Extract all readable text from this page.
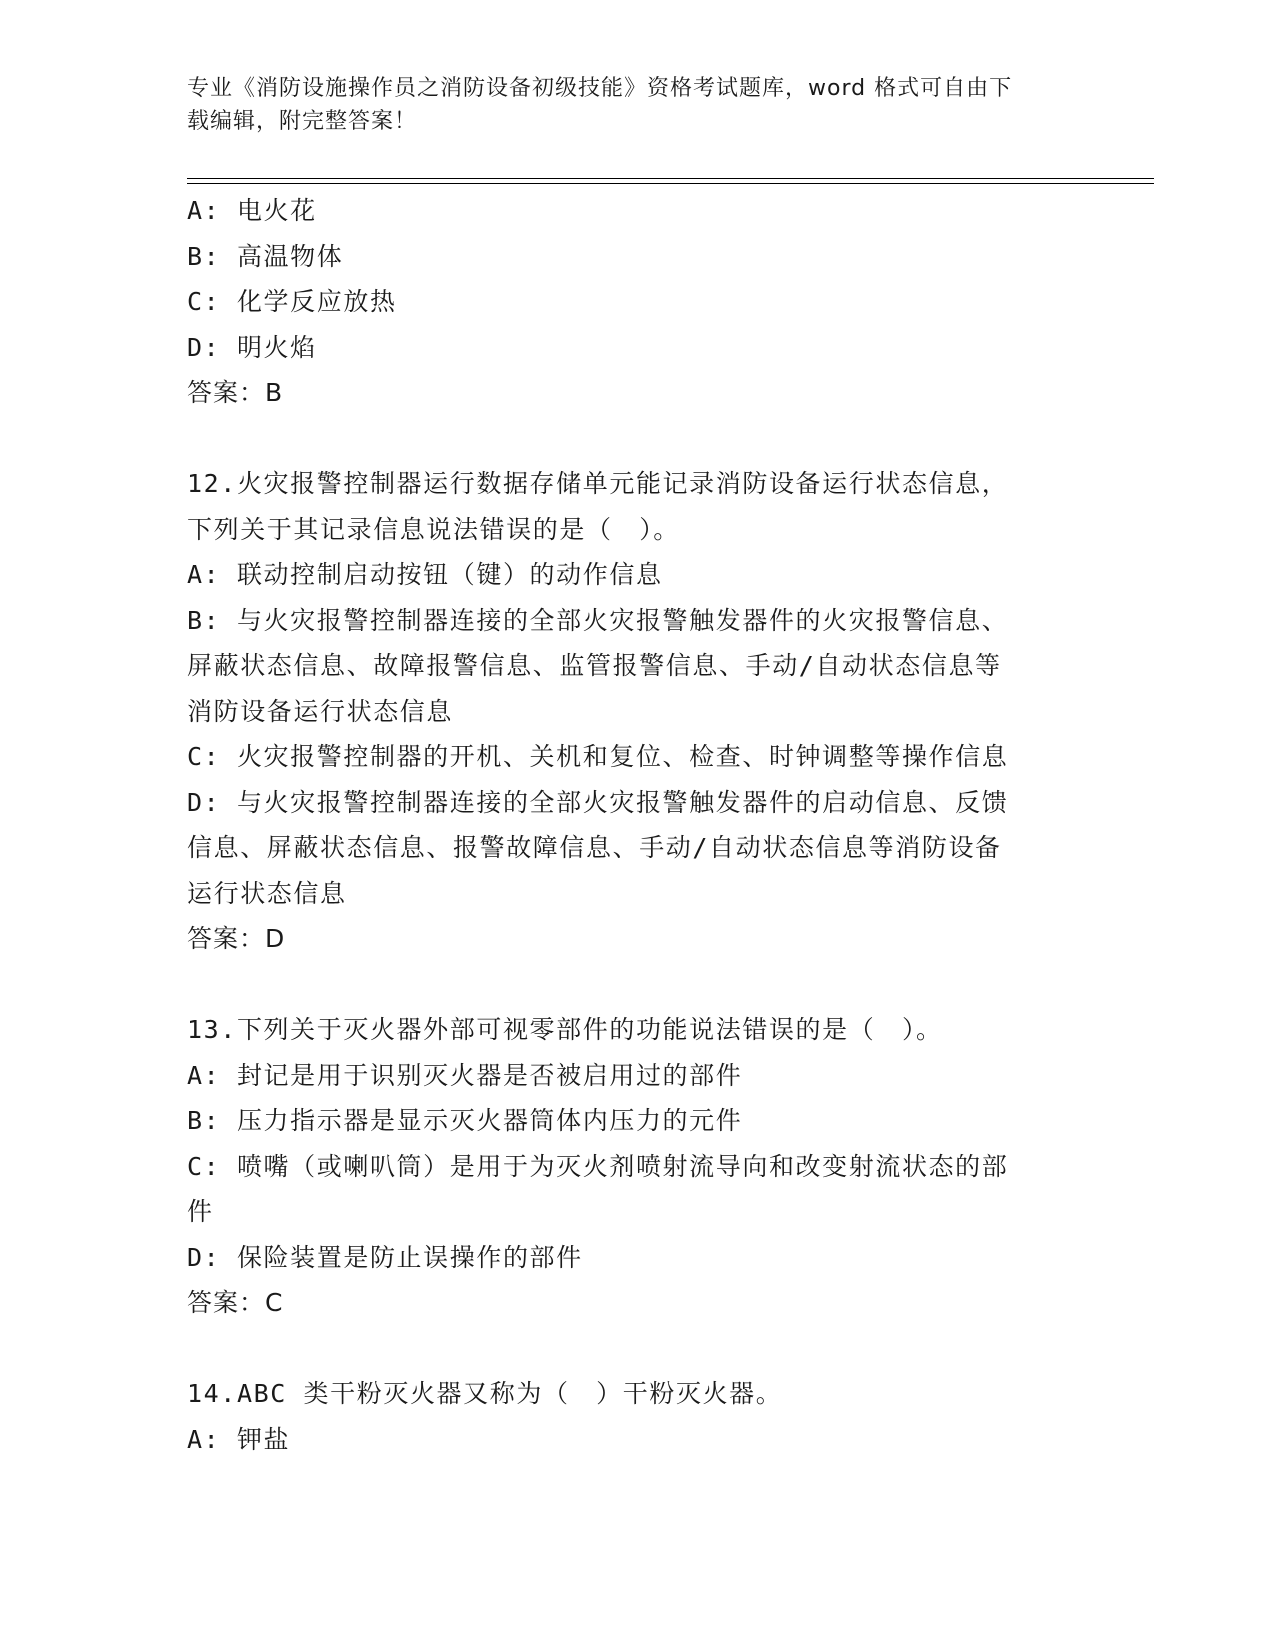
专业《消防设施操作员之消防设备初级技能》资格考试题库，word 格式可自由下
载编辑，附完整答案！
A: 电火花
B: 高温物体
C: 化学反应放热
D: 明火焰
答案：B
12.火灾报警控制器运行数据存储单元能记录消防设备运行状态信息，
下列关于其记录信息说法错误的是（　）。
A: 联动控制启动按钮（键）的动作信息
B: 与火灾报警控制器连接的全部火灾报警触发器件的火灾报警信息、
屏蔽状态信息、故障报警信息、监管报警信息、手动/自动状态信息等
消防设备运行状态信息
C: 火灾报警控制器的开机、关机和复位、检查、时钟调整等操作信息
D: 与火灾报警控制器连接的全部火灾报警触发器件的启动信息、反馈
信息、屏蔽状态信息、报警故障信息、手动/自动状态信息等消防设备
运行状态信息
答案：D
13.下列关于灭火器外部可视零部件的功能说法错误的是（　）。
A: 封记是用于识别灭火器是否被启用过的部件
B: 压力指示器是显示灭火器筒体内压力的元件
C: 喷嘴（或喇叭筒）是用于为灭火剂喷射流导向和改变射流状态的部
件
D: 保险装置是防止误操作的部件
答案：C
14.ABC 类干粉灭火器又称为（　）干粉灭火器。
A: 钾盐
